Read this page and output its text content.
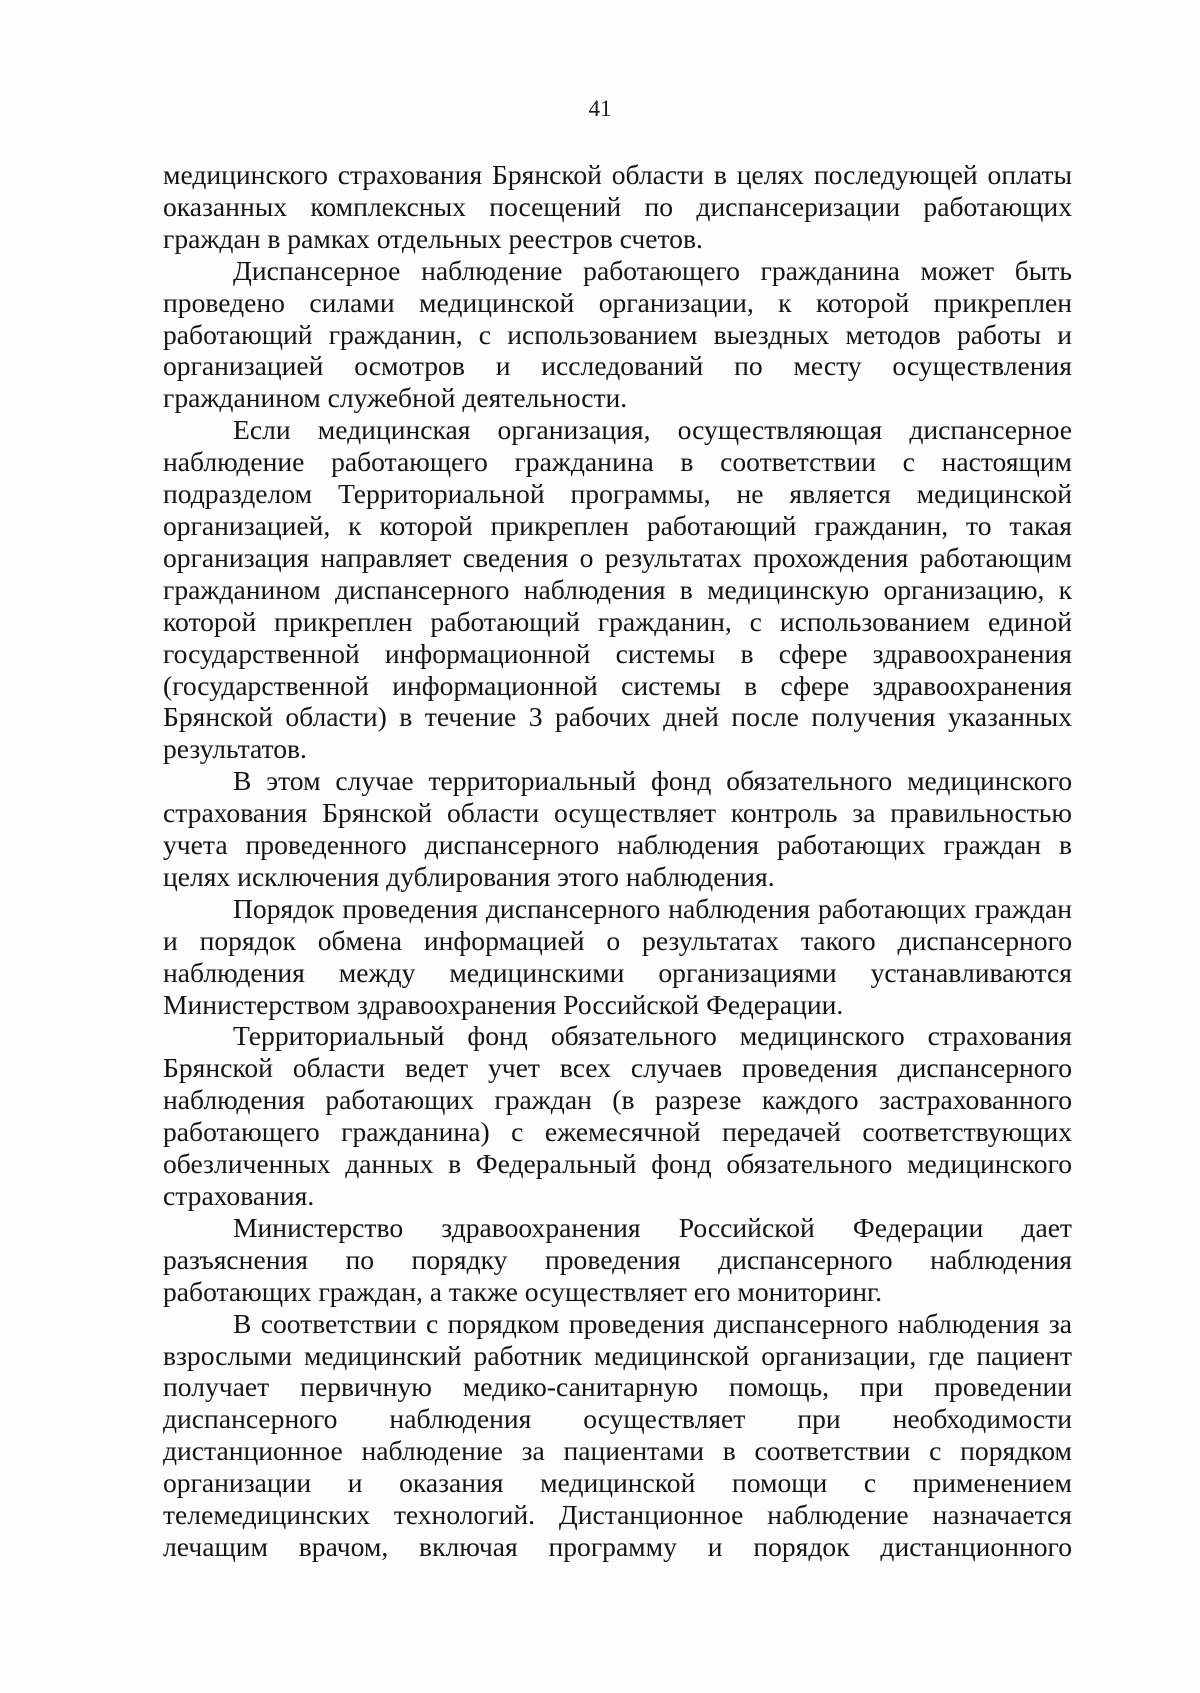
41

медицинского страхования Брянской области в целях последующей оплаты оказанных комплексных посещений по диспансеризации работающих граждан в рамках отдельных реестров счетов.

Диспансерное наблюдение работающего гражданина может быть проведено силами медицинской организации, к которой прикреплен работающий гражданин, с использованием выездных методов работы и организацией осмотров и исследований по месту осуществления гражданином служебной деятельности.

Если медицинская организация, осуществляющая диспансерное наблюдение работающего гражданина в соответствии с настоящим подразделом Территориальной программы, не является медицинской организацией, к которой прикреплен работающий гражданин, то такая организация направляет сведения о результатах прохождения работающим гражданином диспансерного наблюдения в медицинскую организацию, к которой прикреплен работающий гражданин, с использованием единой государственной информационной системы в сфере здравоохранения (государственной информационной системы в сфере здравоохранения Брянской области) в течение 3 рабочих дней после получения указанных результатов.

В этом случае территориальный фонд обязательного медицинского страхования Брянской области осуществляет контроль за правильностью учета проведенного диспансерного наблюдения работающих граждан в целях исключения дублирования этого наблюдения.

Порядок проведения диспансерного наблюдения работающих граждан и порядок обмена информацией о результатах такого диспансерного наблюдения между медицинскими организациями устанавливаются Министерством здравоохранения Российской Федерации.

Территориальный фонд обязательного медицинского страхования Брянской области ведет учет всех случаев проведения диспансерного наблюдения работающих граждан (в разрезе каждого застрахованного работающего гражданина) с ежемесячной передачей соответствующих обезличенных данных в Федеральный фонд обязательного медицинского страхования.

Министерство здравоохранения Российской Федерации дает разъяснения по порядку проведения диспансерного наблюдения работающих граждан, а также осуществляет его мониторинг.

В соответствии с порядком проведения диспансерного наблюдения за взрослыми медицинский работник медицинской организации, где пациент получает первичную медико-санитарную помощь, при проведении диспансерного наблюдения осуществляет при необходимости дистанционное наблюдение за пациентами в соответствии с порядком организации и оказания медицинской помощи с применением телемедицинских технологий. Дистанционное наблюдение назначается лечащим врачом, включая программу и порядок дистанционного
